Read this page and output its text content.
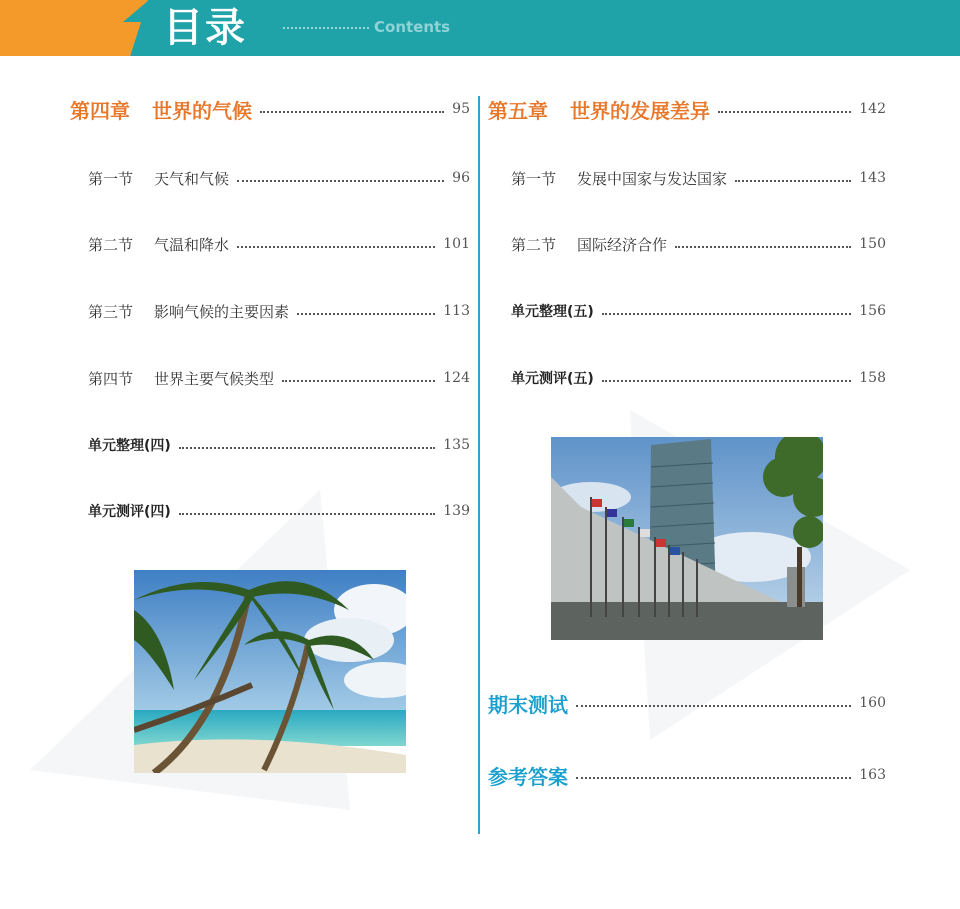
目录	Contents
第四章 世界的气候	95
第一节 天气和气候	96
第二节 气温和降水	101
第三节 影响气候的主要因素	113
第四节 世界主要气候类型	124
单元整理(四)	135
单元测评(四)	139
第五章 世界的发展差异	142
第一节 发展中国家与发达国家	143
第二节 国际经济合作	150
单元整理(五)	156
单元测评(五)	158
期末测试	160
参考答案	163
